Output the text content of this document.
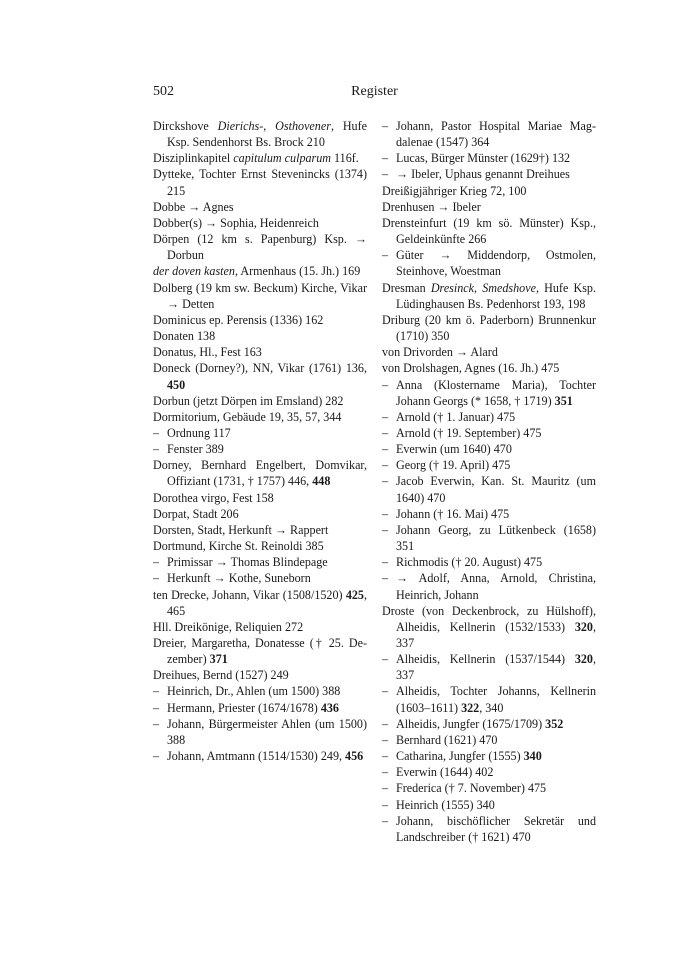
502	Register
Dirckshove Dierichs-, Osthovener, Hufe Ksp. Sendenhorst Bs. Brock 210
Disziplinkapitel capitulum culparum 116f.
Dytteke, Tochter Ernst Stevenincks (1374) 215
Dobbe → Agnes
Dobber(s) → Sophia, Heidenreich
Dörpen (12 km s. Papenburg) Ksp. → Dorbun
der doven kasten, Armenhaus (15. Jh.) 169
Dolberg (19 km sw. Beckum) Kirche, Vikar → Detten
Dominicus ep. Perensis (1336) 162
Donaten 138
Donatus, Hl., Fest 163
Doneck (Dorney?), NN, Vikar (1761) 136, 450
Dorbun (jetzt Dörpen im Emsland) 282
Dormitorium, Gebäude 19, 35, 57, 344
– Ordnung 117
– Fenster 389
Dorney, Bernhard Engelbert, Domvikar, Offiziant (1731, † 1757) 446, 448
Dorothea virgo, Fest 158
Dorpat, Stadt 206
Dorsten, Stadt, Herkunft → Rappert
Dortmund, Kirche St. Reinoldi 385
– Primissar → Thomas Blindepage
– Herkunft → Kothe, Suneborn
ten Drecke, Johann, Vikar (1508/1520) 425, 465
Hll. Dreikönige, Reliquien 272
Dreier, Margaretha, Donatesse († 25. Dezember) 371
Dreihues, Bernd (1527) 249
– Heinrich, Dr., Ahlen (um 1500) 388
– Hermann, Priester (1674/1678) 436
– Johann, Bürgermeister Ahlen (um 1500) 388
– Johann, Amtmann (1514/1530) 249, 456
– Johann, Pastor Hospital Mariae Magdalenae (1547) 364
– Lucas, Bürger Münster (1629†) 132
– → Ibeler, Uphaus genannt Dreihues
Dreißigjähriger Krieg 72, 100
Drenhusen → Ibeler
Drensteinfurt (19 km sö. Münster) Ksp., Geldeinkünfte 266
– Güter → Middendorp, Ostmolen, Steinhove, Woestman
Dresman Dresinck, Smedshove, Hufe Ksp. Lüdinghausen Bs. Pedenhorst 193, 198
Driburg (20 km ö. Paderborn) Brunnenkur (1710) 350
von Drivorden → Alard
von Drolshagen, Agnes (16. Jh.) 475
– Anna (Klostername Maria), Tochter Johann Georgs (* 1658, † 1719) 351
– Arnold († 1. Januar) 475
– Arnold († 19. September) 475
– Everwin (um 1640) 470
– Georg († 19. April) 475
– Jacob Everwin, Kan. St. Mauritz (um 1640) 470
– Johann († 16. Mai) 475
– Johann Georg, zu Lütkenbeck (1658) 351
– Richmodis († 20. August) 475
– → Adolf, Anna, Arnold, Christina, Heinrich, Johann
Droste (von Deckenbrock, zu Hülshoff), Alheidis, Kellnerin (1532/1533) 320, 337
– Alheidis, Kellnerin (1537/1544) 320, 337
– Alheidis, Tochter Johanns, Kellnerin (1603–1611) 322, 340
– Alheidis, Jungfer (1675/1709) 352
– Bernhard (1621) 470
– Catharina, Jungfer (1555) 340
– Everwin (1644) 402
– Frederica († 7. November) 475
– Heinrich (1555) 340
– Johann, bischöflicher Sekretär und Landschreiber († 1621) 470
